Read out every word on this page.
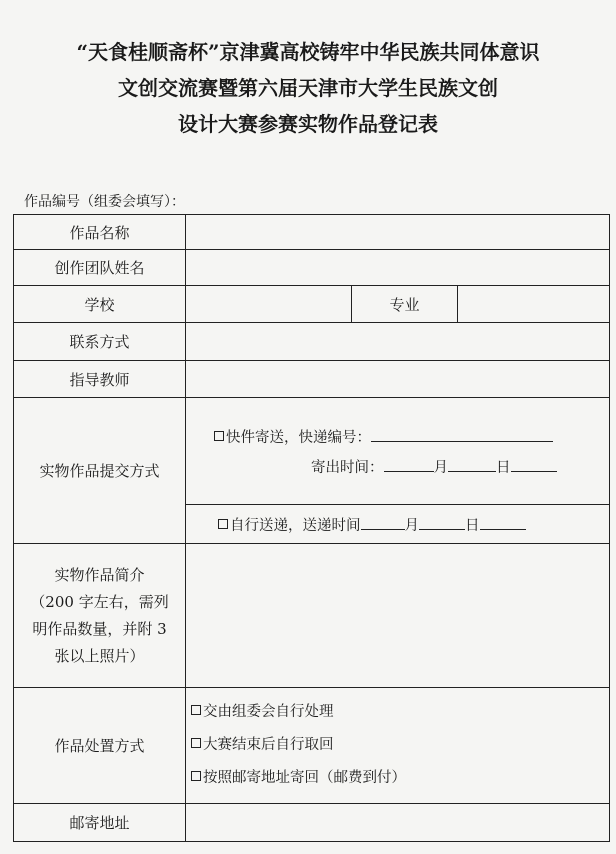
“天食桂顺斋杯”京津冀高校铸牢中华民族共同体意识
文创交流赛暨第六届天津市大学生民族文创
设计大赛参赛实物作品登记表
作品编号（组委会填写）：
作品名称			
创作团队姓名			
学校		专业	
联系方式			
指导教师			
实物作品提交方式	快件寄送，快递编号：
寄出时间： 月 日		

	自行送递，送递时间 月 日		

实物作品简介
（200 字左右，需列
明作品数量，并附 3
张以上照片）			

作品处置方式	交由组委会自行处理
大赛结束后自行取回
按照邮寄地址寄回（邮费到付）		

邮寄地址			
